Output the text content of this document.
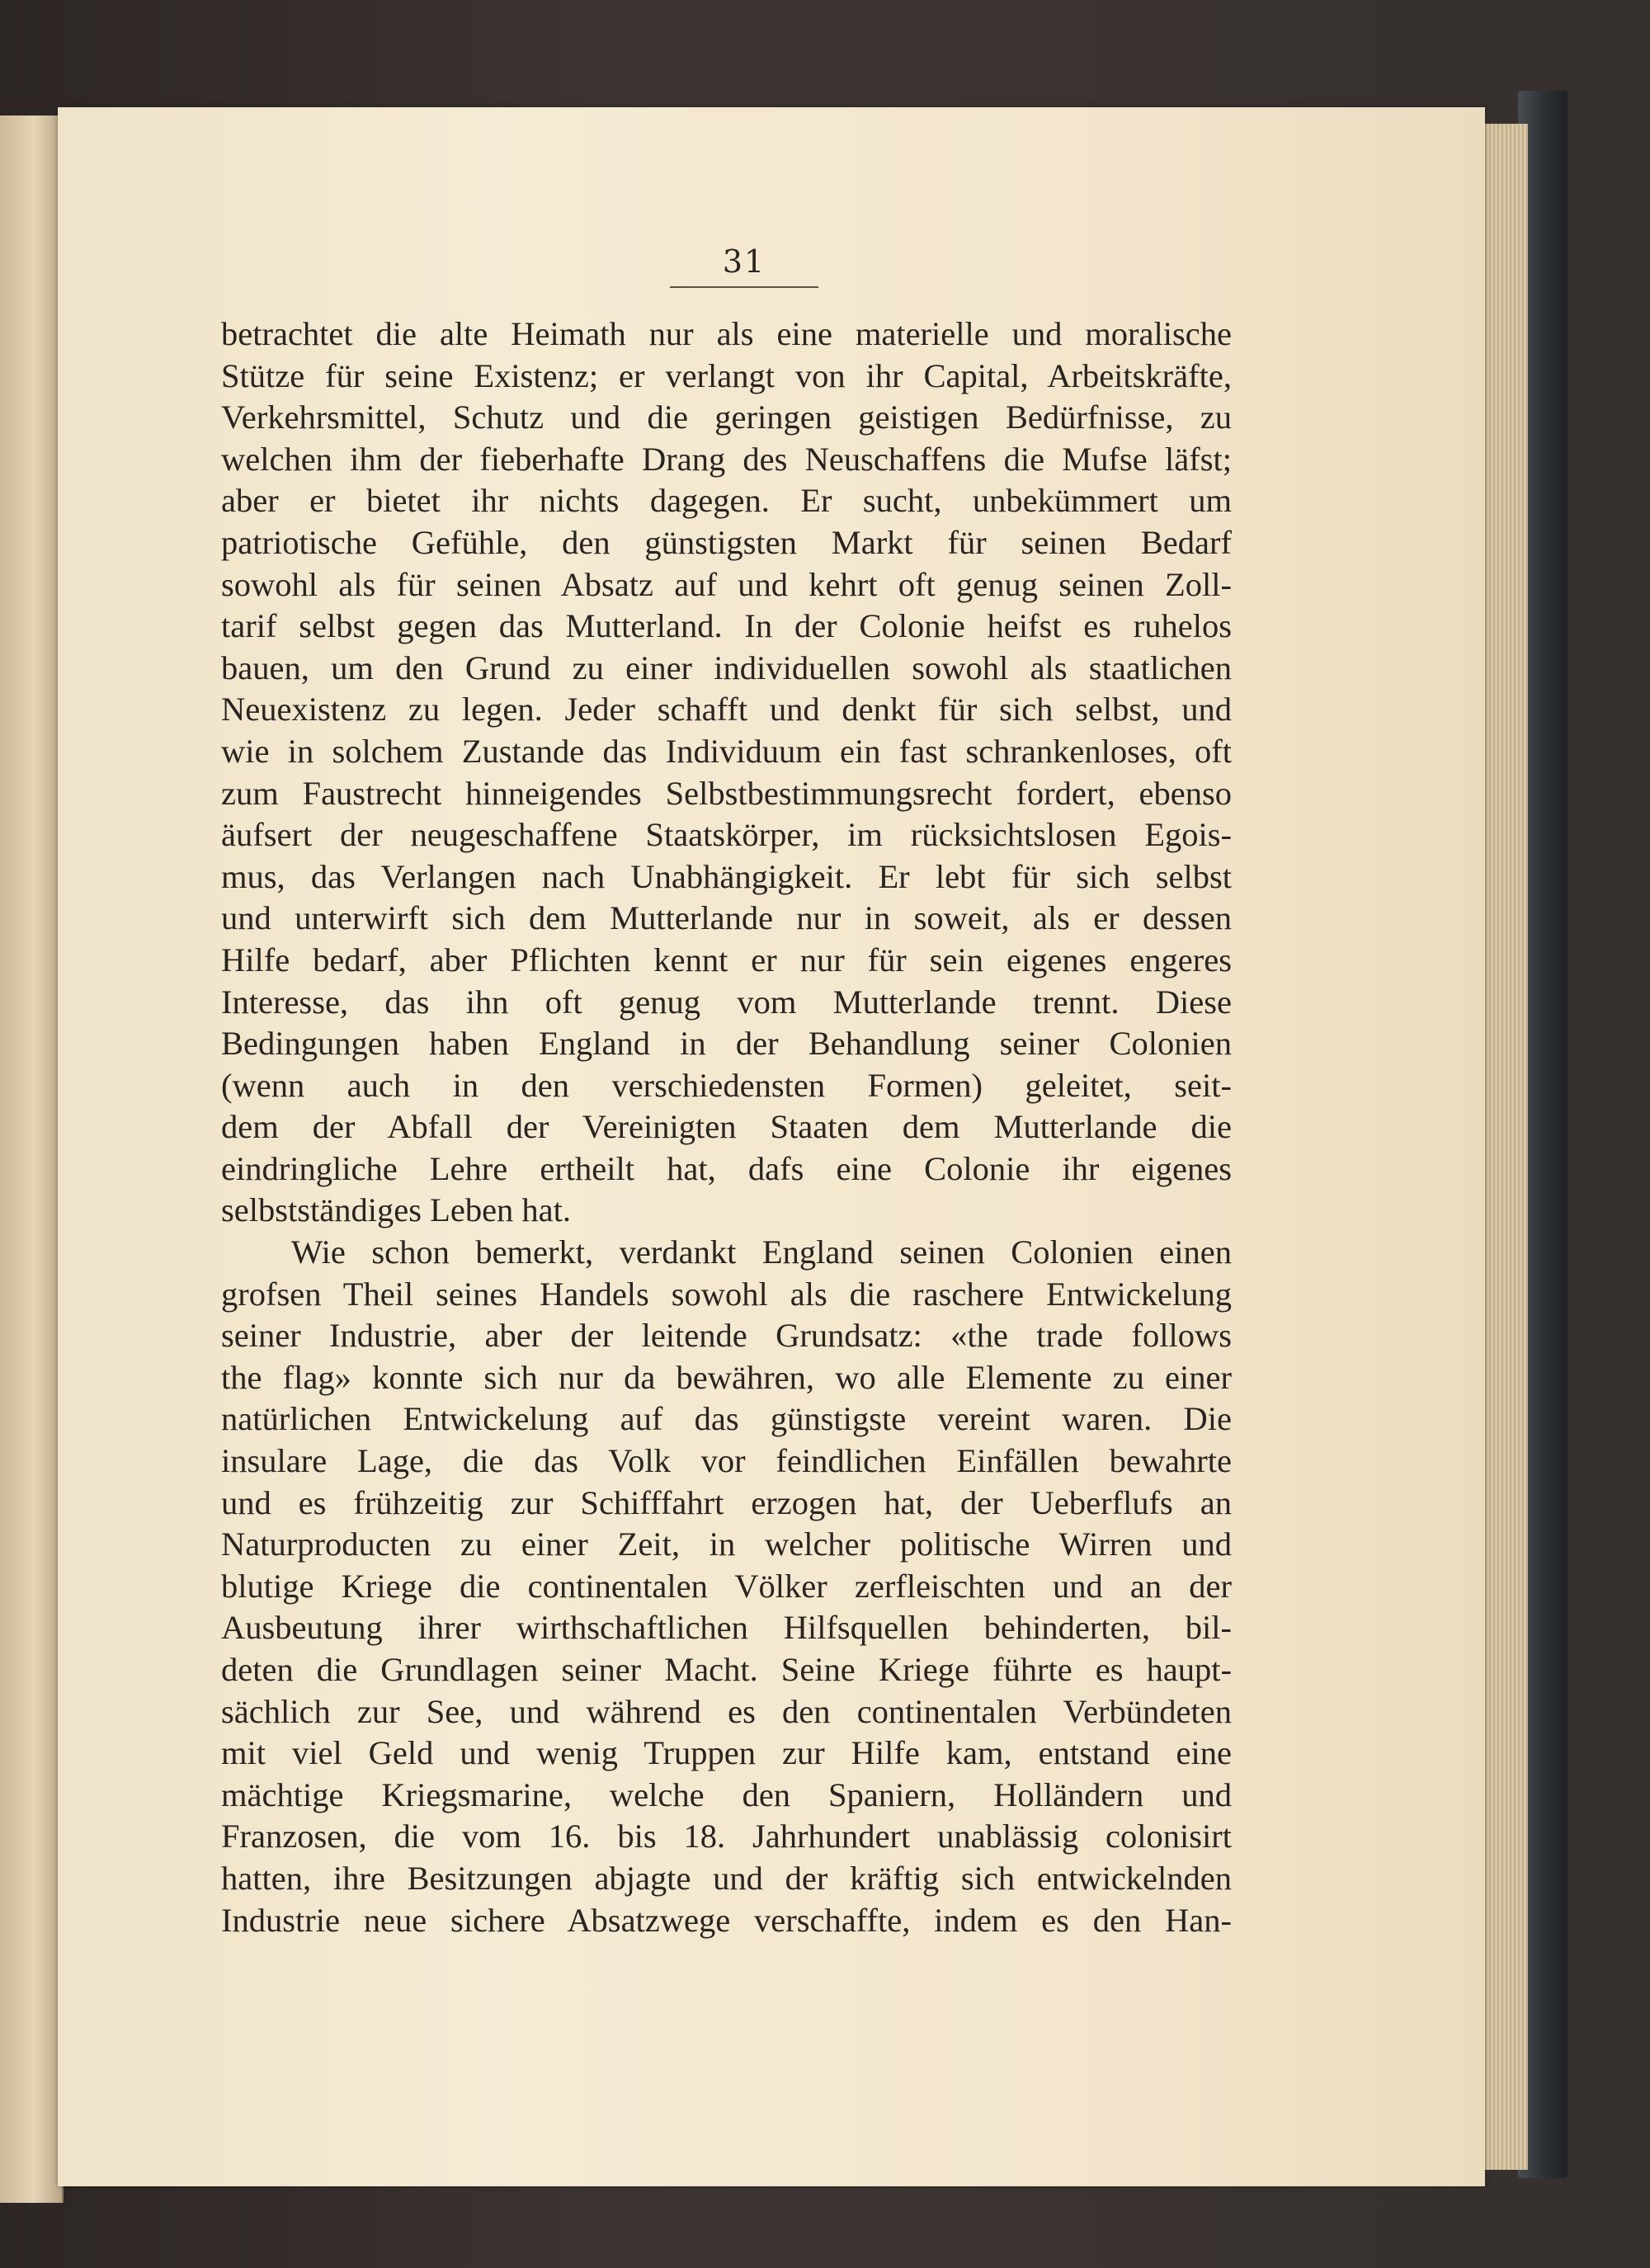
31
betrachtet die alte Heimath nur als eine materielle und moralische
Stütze für seine Existenz; er verlangt von ihr Capital, Arbeitskräfte,
Verkehrsmittel, Schutz und die geringen geistigen Bedürfnisse, zu
welchen ihm der fieberhafte Drang des Neuschaffens die Mufse läfst;
aber er bietet ihr nichts dagegen. Er sucht, unbekümmert um
patriotische Gefühle, den günstigsten Markt für seinen Bedarf
sowohl als für seinen Absatz auf und kehrt oft genug seinen Zoll-
tarif selbst gegen das Mutterland. In der Colonie heifst es ruhelos
bauen, um den Grund zu einer individuellen sowohl als staatlichen
Neuexistenz zu legen. Jeder schafft und denkt für sich selbst, und
wie in solchem Zustande das Individuum ein fast schrankenloses, oft
zum Faustrecht hinneigendes Selbstbestimmungsrecht fordert, ebenso
äufsert der neugeschaffene Staatskörper, im rücksichtslosen Egois-
mus, das Verlangen nach Unabhängigkeit. Er lebt für sich selbst
und unterwirft sich dem Mutterlande nur in soweit, als er dessen
Hilfe bedarf, aber Pflichten kennt er nur für sein eigenes engeres
Interesse, das ihn oft genug vom Mutterlande trennt. Diese
Bedingungen haben England in der Behandlung seiner Colonien
(wenn auch in den verschiedensten Formen) geleitet, seit-
dem der Abfall der Vereinigten Staaten dem Mutterlande die
eindringliche Lehre ertheilt hat, dafs eine Colonie ihr eigenes
selbstständiges Leben hat.
Wie schon bemerkt, verdankt England seinen Colonien einen
grofsen Theil seines Handels sowohl als die raschere Entwickelung
seiner Industrie, aber der leitende Grundsatz: «the trade follows
the flag» konnte sich nur da bewähren, wo alle Elemente zu einer
natürlichen Entwickelung auf das günstigste vereint waren. Die
insulare Lage, die das Volk vor feindlichen Einfällen bewahrte
und es frühzeitig zur Schifffahrt erzogen hat, der Ueberflufs an
Naturproducten zu einer Zeit, in welcher politische Wirren und
blutige Kriege die continentalen Völker zerfleischten und an der
Ausbeutung ihrer wirthschaftlichen Hilfsquellen behinderten, bil-
deten die Grundlagen seiner Macht. Seine Kriege führte es haupt-
sächlich zur See, und während es den continentalen Verbündeten
mit viel Geld und wenig Truppen zur Hilfe kam, entstand eine
mächtige Kriegsmarine, welche den Spaniern, Holländern und
Franzosen, die vom 16. bis 18. Jahrhundert unablässig colonisirt
hatten, ihre Besitzungen abjagte und der kräftig sich entwickelnden
Industrie neue sichere Absatzwege verschaffte, indem es den Han-
